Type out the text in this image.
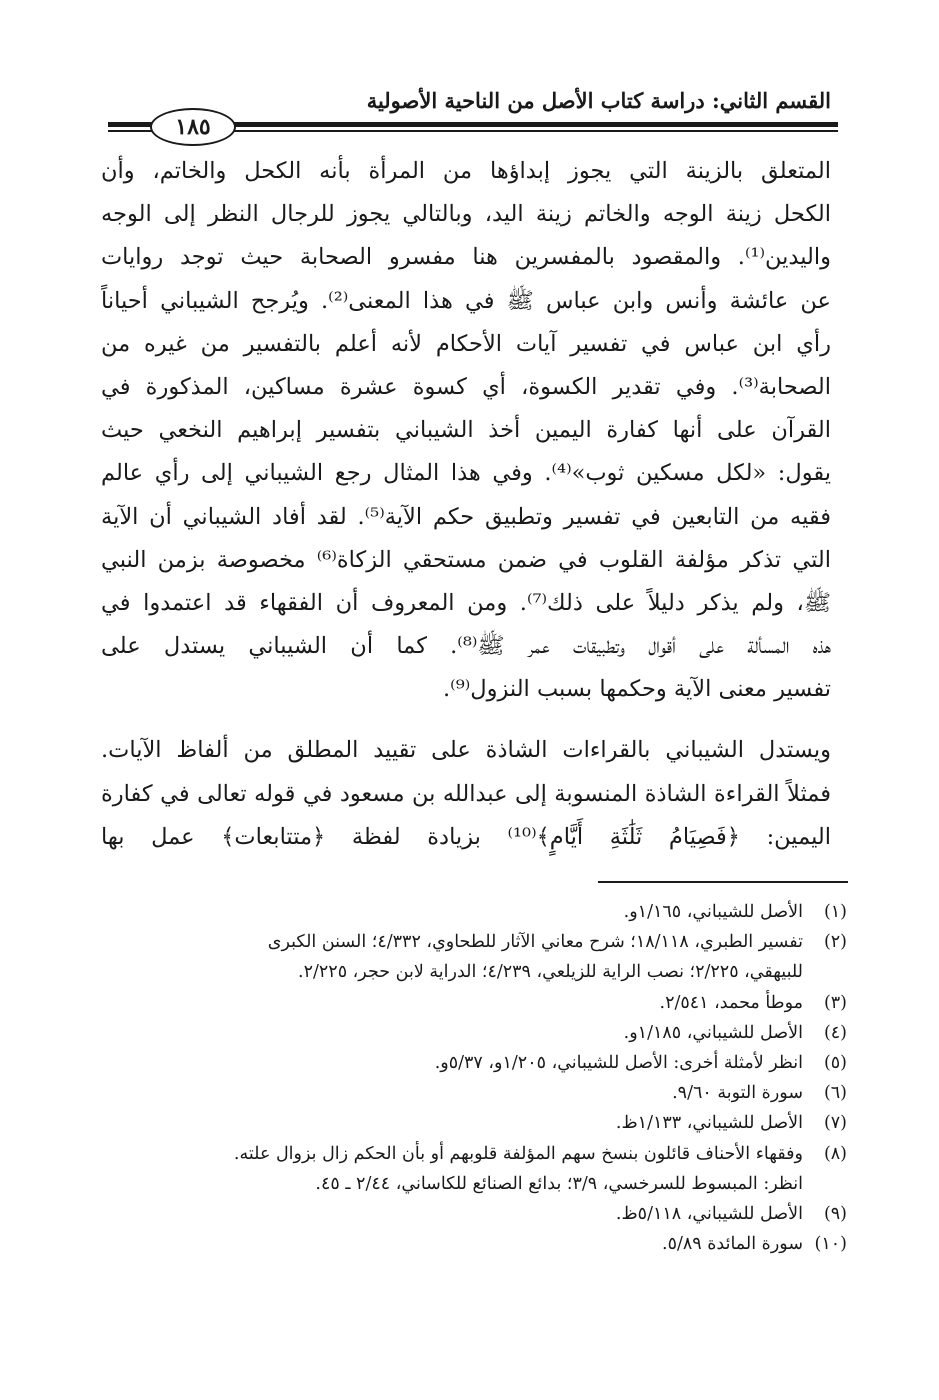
القسم الثاني: دراسة كتاب الأصل من الناحية الأصولية
١٨٥
المتعلق بالزينة التي يجوز إبداؤها من المرأة بأنه الكحل والخاتم، وأن
الكحل زينة الوجه والخاتم زينة اليد، وبالتالي يجوز للرجال النظر إلى الوجه
واليدين⁽¹⁾. والمقصود بالمفسرين هنا مفسرو الصحابة حيث توجد روايات
عن عائشة وأنس وابن عباس ﷺ في هذا المعنى⁽²⁾. ويُرجح الشيباني أحياناً
رأي ابن عباس في تفسير آيات الأحكام لأنه أعلم بالتفسير من غيره من
الصحابة⁽³⁾. وفي تقدير الكسوة، أي كسوة عشرة مساكين، المذكورة في
القرآن على أنها كفارة اليمين أخذ الشيباني بتفسير إبراهيم النخعي حيث
يقول: «لكل مسكين ثوب»⁽⁴⁾. وفي هذا المثال رجع الشيباني إلى رأي عالم
فقيه من التابعين في تفسير وتطبيق حكم الآية⁽⁵⁾. لقد أفاد الشيباني أن الآية
التي تذكر مؤلفة القلوب في ضمن مستحقي الزكاة⁽⁶⁾ مخصوصة بزمن النبي
ﷺ، ولم يذكر دليلاً على ذلك⁽⁷⁾. ومن المعروف أن الفقهاء قد اعتمدوا في
هذه المسألة على أقوال وتطبيقات عمر ﷺ⁽⁸⁾. كما أن الشيباني يستدل على
تفسير معنى الآية وحكمها بسبب النزول⁽⁹⁾.
ويستدل الشيباني بالقراءات الشاذة على تقييد المطلق من ألفاظ الآيات.
فمثلاً القراءة الشاذة المنسوبة إلى عبدالله بن مسعود في قوله تعالى في كفارة
اليمين: ﴿فَصِيَامُ ثَلَٰثَةِ أَيَّامٍ﴾⁽¹⁰⁾ بزيادة لفظة ﴿متتابعات﴾ عمل بها
(١)
الأصل للشيباني، ١/١٦٥و.
(٢)
تفسير الطبري، ١٨/١١٨؛ شرح معاني الآثار للطحاوي، ٤/٣٣٢؛ السنن الكبرى
للبيهقي، ٢/٢٢٥؛ نصب الراية للزيلعي، ٤/٢٣٩؛ الدراية لابن حجر، ٢/٢٢٥.
(٣)
موطأ محمد، ٢/٥٤١.
(٤)
الأصل للشيباني، ١/١٨٥و.
(٥)
انظر لأمثلة أخرى: الأصل للشيباني، ١/٢٠٥و، ٥/٣٧و.
(٦)
سورة التوبة ٩/٦٠.
(٧)
الأصل للشيباني، ١/١٣٣ظ.
(٨)
وفقهاء الأحناف قائلون بنسخ سهم المؤلفة قلوبهم أو بأن الحكم زال بزوال علته.
انظر: المبسوط للسرخسي، ٣/٩؛ بدائع الصنائع للكاساني، ٢/٤٤ ـ ٤٥.
(٩)
الأصل للشيباني، ٥/١١٨ظ.
(١٠)
سورة المائدة ٥/٨٩.
